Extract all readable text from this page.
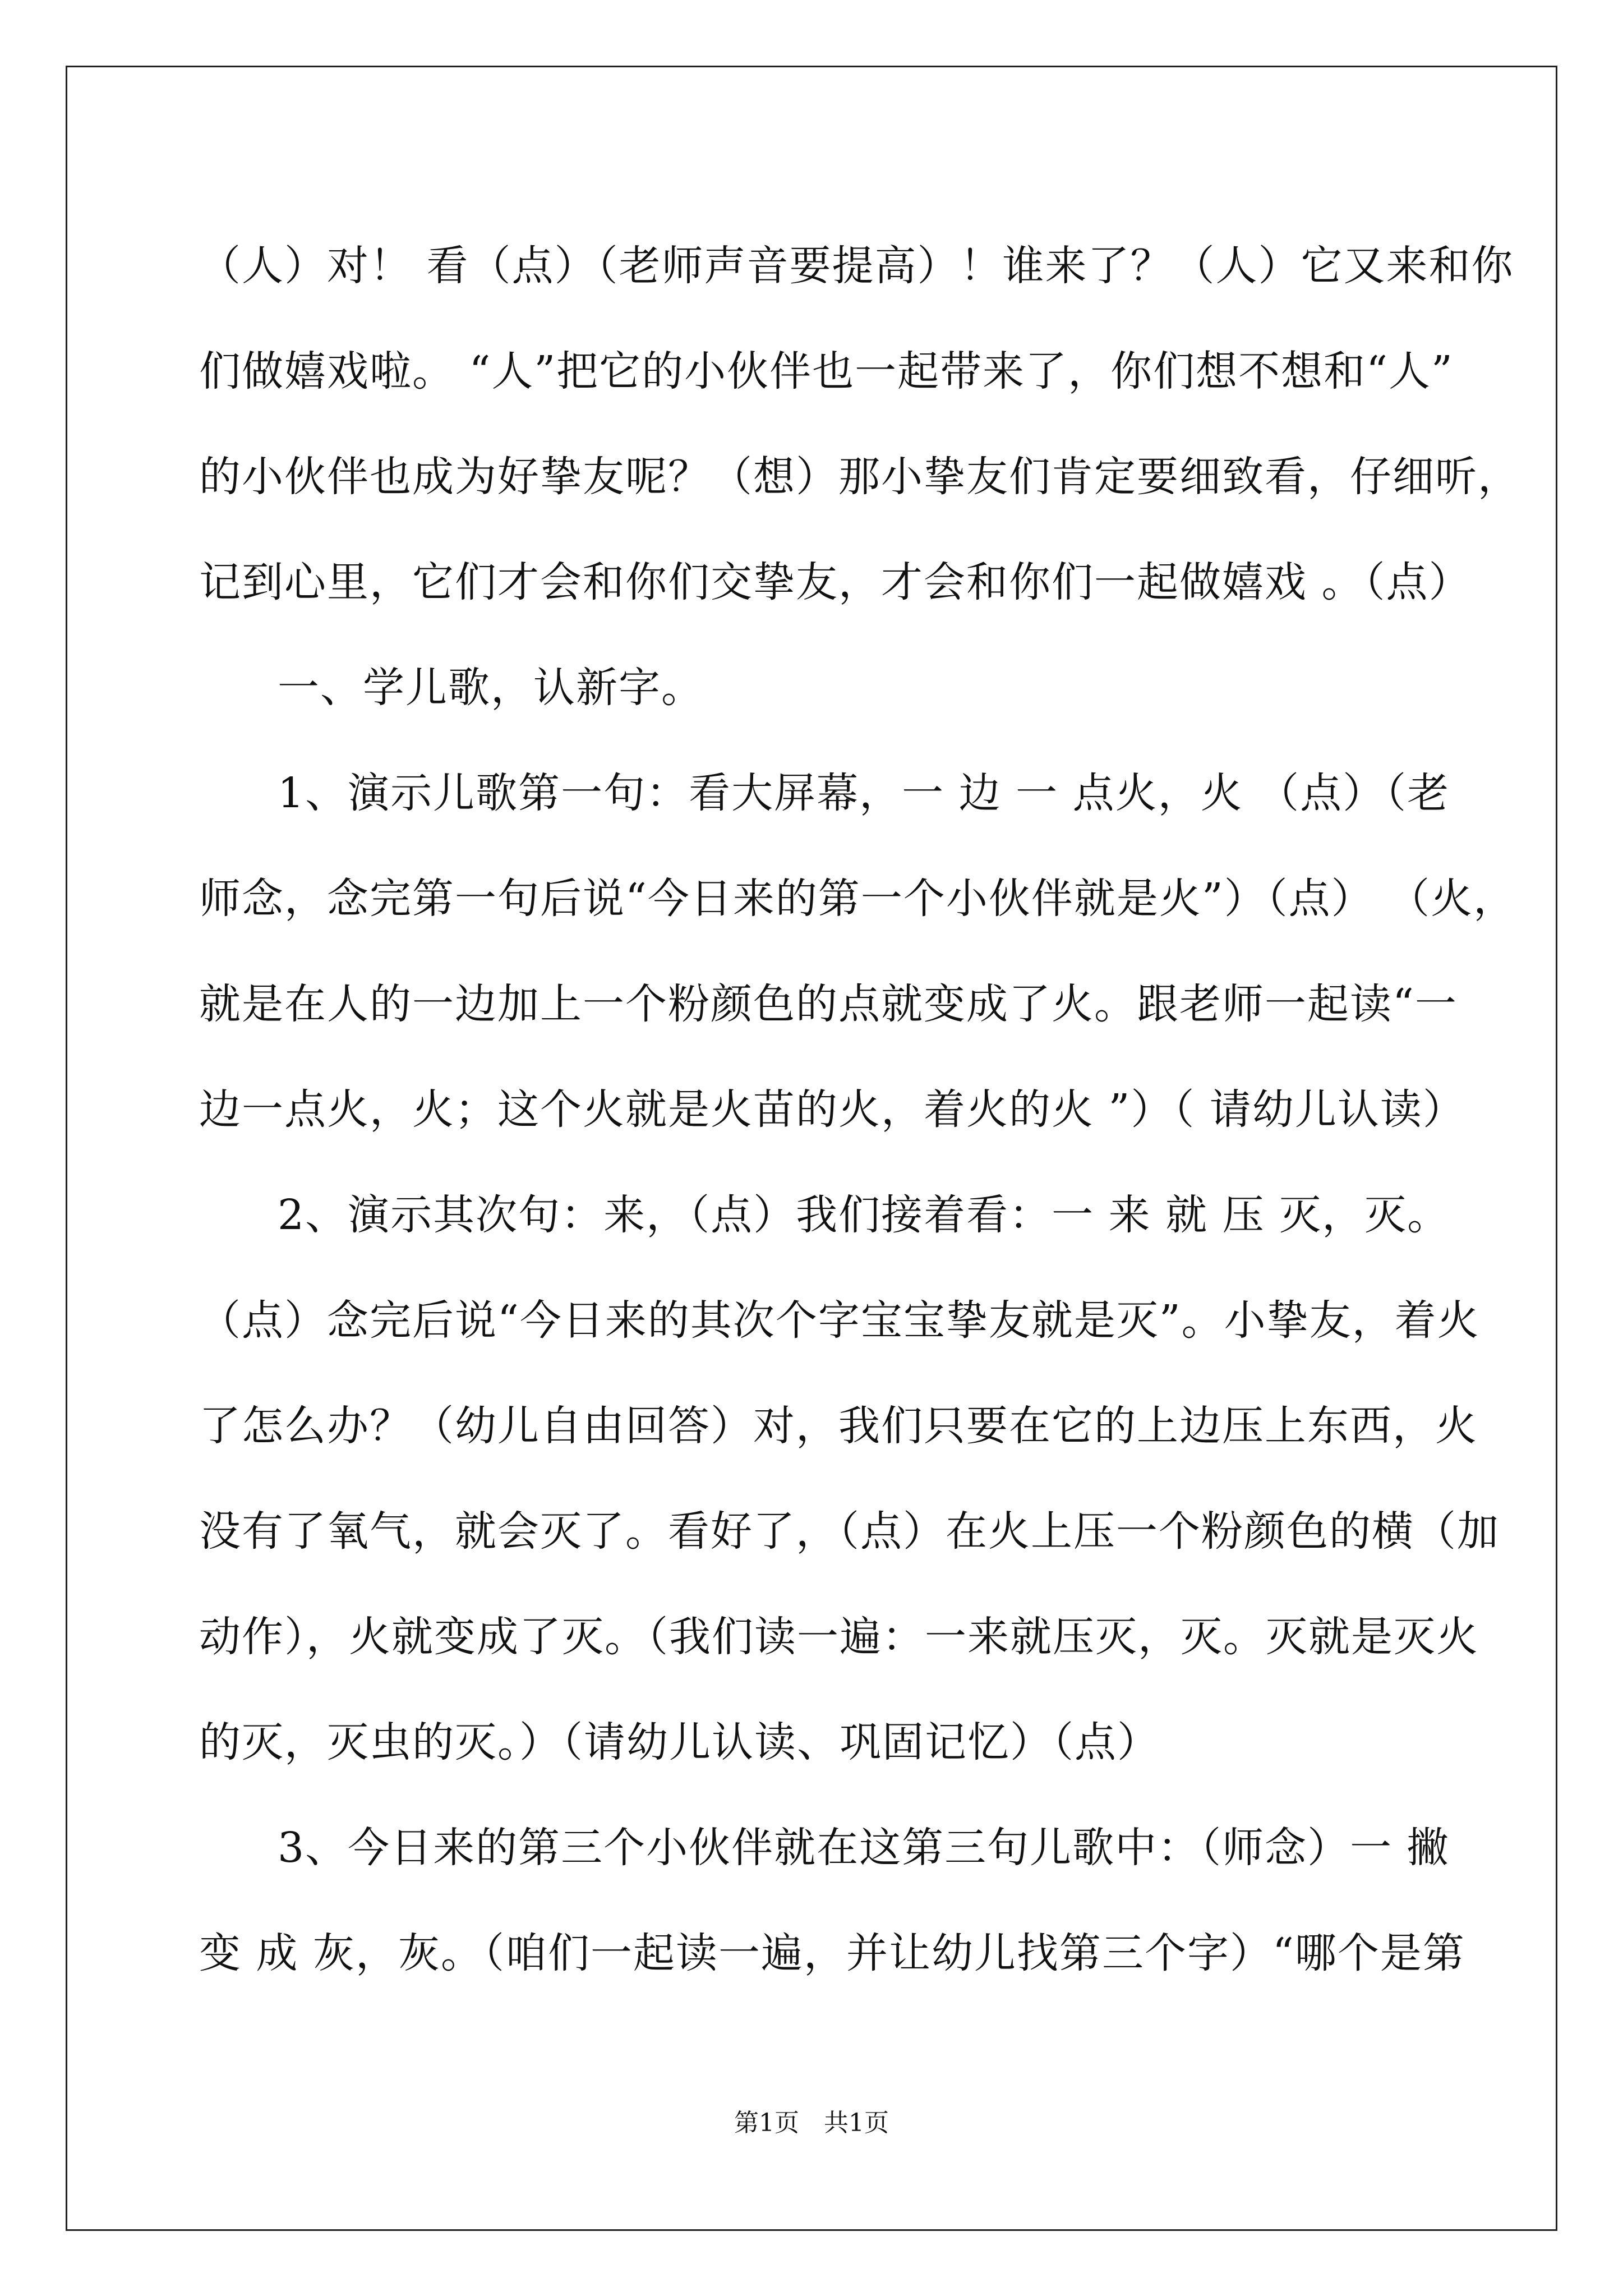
（人）对！ 看（点）（老师声音要提高）！谁来了？（人）它又来和你
们做嬉戏啦。 “人”把它的小伙伴也一起带来了，你们想不想和“人”
的小伙伴也成为好挚友呢？（想）那小挚友们肯定要细致看，仔细听，
记到心里，它们才会和你们交挚友，才会和你们一起做嬉戏 。（点）
一、学儿歌，认新字。
1、演示儿歌第一句：看大屏幕，一 边 一 点火，火 （点）（老
师念，念完第一句后说“今日来的第一个小伙伴就是火”）（点） （火，
就是在人的一边加上一个粉颜色的点就变成了火。跟老师一起读“一
边一点火，火；这个火就是火苗的火，着火的火 ”）（ 请幼儿认读）
2、演示其次句：来，（点）我们接着看：一 来 就 压 灭，灭。
（点）念完后说“今日来的其次个字宝宝挚友就是灭”。小挚友，着火
了怎么办？（幼儿自由回答）对，我们只要在它的上边压上东西，火
没有了氧气，就会灭了。看好了，（点）在火上压一个粉颜色的横（加
动作），火就变成了灭。（我们读一遍：一来就压灭，灭。灭就是灭火
的灭，灭虫的灭。）（请幼儿认读、巩固记忆）（点）
3、今日来的第三个小伙伴就在这第三句儿歌中：（师念）一 撇
变 成 灰，灰。（咱们一起读一遍，并让幼儿找第三个字）“哪个是第
第1页　共1页
